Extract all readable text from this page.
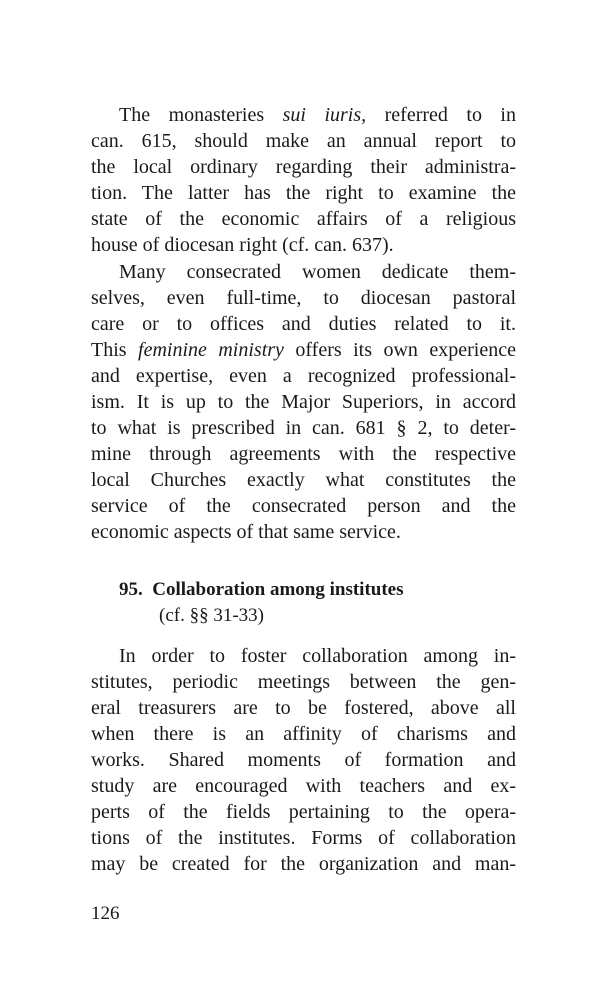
95. Collaboration among institutes
(cf. §§ 31-33)
126
The monasteries sui iuris, referred to in
can. 615, should make an annual report to
the local ordinary regarding their administra-
tion. The latter has the right to examine the
state of the economic affairs of a religious
house of diocesan right (cf. can. 637).
Many consecrated women dedicate them-
selves, even full-time, to diocesan pastoral
care or to offices and duties related to it.
This feminine ministry offers its own experience
and expertise, even a recognized professional-
ism. It is up to the Major Superiors, in accord
to what is prescribed in can. 681 § 2, to deter-
mine through agreements with the respective
local Churches exactly what constitutes the
service of the consecrated person and the
economic aspects of that same service.
In order to foster collaboration among in-
stitutes, periodic meetings between the gen-
eral treasurers are to be fostered, above all
when there is an affinity of charisms and
works. Shared moments of formation and
study are encouraged with teachers and ex-
perts of the fields pertaining to the opera-
tions of the institutes. Forms of collaboration
may be created for the organization and man-
